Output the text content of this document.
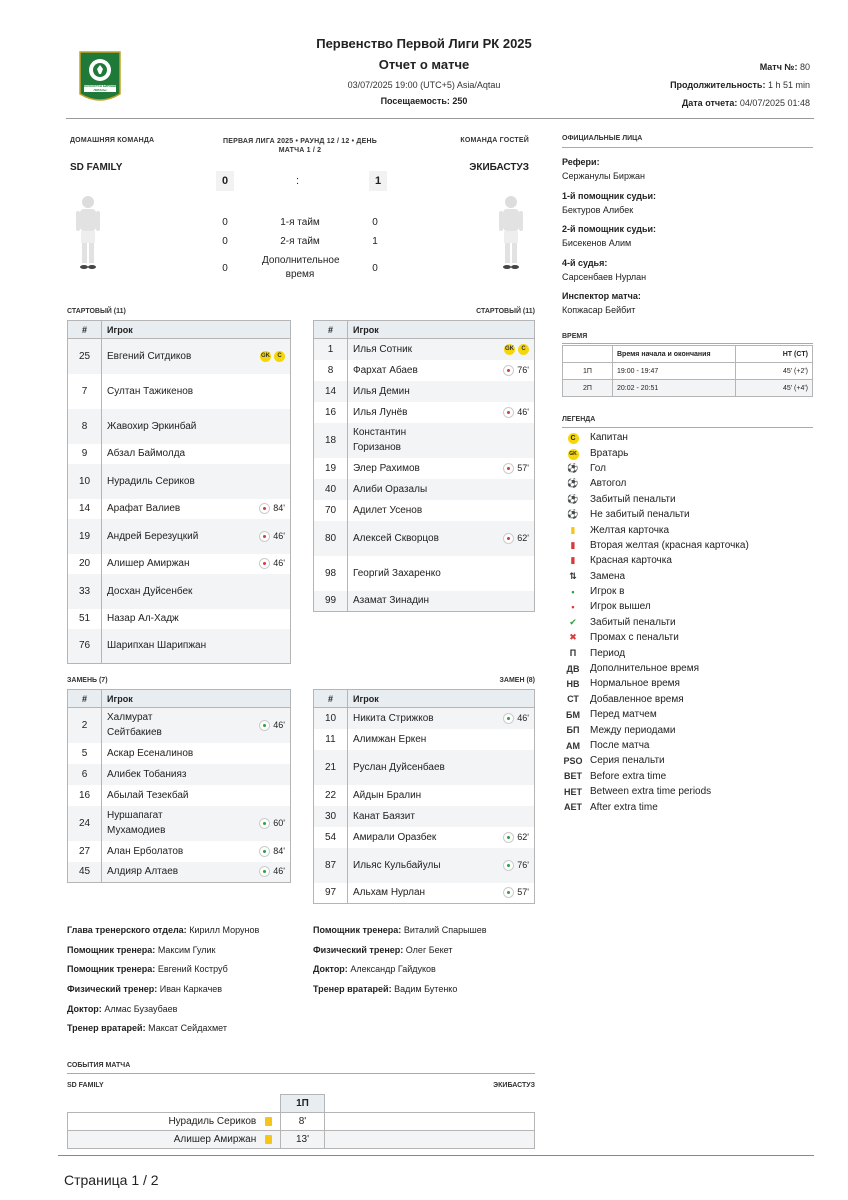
КАЗАХСТАН БИРІНШІ ЛИГАСЫ
Первенство Первой Лиги РК 2025
Отчет о матче
03/07/2025 19:00 (UTC+5) Asia/Aqtau
Посещаемость: 250
Матч №: 80
Продолжительность: 1 h 51 min
Дата отчета: 04/07/2025 01:48
ДОМАШНЯЯ КОМАНДА	ПЕРВАЯ ЛИГА 2025 • РАУНД 12 / 12 • ДЕНЬ
МАТЧА 1 / 2
КОМАНДА ГОСТЕЙ
SD FAMILY	ЭКИБАСТУЗ
0	:	1
0	1-я тайм	0
0	2-я тайм	1
0
Дополнительное время
0
ОФИЦИАЛЬНЫЕ ЛИЦА
Рефери:
Серж​анулы Биржан
1-й помощник судьи:
Бектуров Алибек
2-й помощник судьи:
Бисекенов Алим
4-й судья:
Сарсенбаев Нурлан
Инспектор матча:
Копжасар Бейбит
ВРЕМЯ
	Время начала и окончания	HT (CT)
1П	19:00 - 19:47	45' (+2')
2П	20:02 - 20:51	45' (+4')
ЛЕГЕНДА
C	Капитан
GK	Вратарь
⚽	Гол
⚽	Автогол
⚽	Забитый пенальти
⚽	Не забитый пенальти
▮	Желтая карточка
▮	Вторая желтая (красная карточка)
▮	Красная карточка
⇅	Замена
•	Игрок в
•	Игрок вышел
✔	Забитый пенальти
✖	Промах с пенальти
П	Период
ДВ	Дополнительное время
НВ	Нормальное время
СТ	Добавленное время
БМ	Перед матчем
БП	Между периодами
АМ	После матча
PSO Серия пенальти
BET Before extra time
HET Between extra time periods
AET After extra time
СТАРТОВЫЙ (11)	СТАРТОВЫЙ (11)
#	Игрок
25	Евгений Ситдиков GK C

7	Султан Тажикенов

8	Жавохир Эркинбай

9	Абзал Баймолда

10	Нурадиль Сериков

14	Арафат Валиев 84'

19	Андрей Березуцкий 46'

20	Алишер Амиржан 46'

33	Досхан Дуйсенбек

51	Назар Ал-Хадж

76	Шарипхан Шарипжан
#	Игрок
1	Илья Сотник GK C

8	Фархат Абаев 76'

14	Илья Демин

16	Илья Лунёв 46'

18	Константин Горизанов

19	Элер Рахимов 57'

40	Алиби Оразалы

70	Адилет Усенов

80	Алексей Скворцов 62'

98	Георгий Захаренко

99	Азамат Зинадин
ЗАМЕНЬ (7)	ЗАМЕН (8)
#	Игрок
2	Халмурат Сейтбакиев
46'

5	Аскар Есеналинов

6	Алибек Тобанияз

16	Абылай Тезекбай

24	Нуршапагат Мухамодиев
60'

27	Алан Ерболатов 84'

45	Алдияр Алтаев 46'
#	Игрок
10	Никита Стрижков 46'

11	Алимжан Еркен

21	Руслан Дуйсенбаев

22	Айдын Бралин

30	Канат Баязит

54	Амирали Оразбек 62'

87	Ильяс Кульбайулы 76'

97	Альхам Нурлан 57'
Глава тренерского отдела: Кирилл Морунов
Помощник тренера: Максим Гулик
Помощник тренера: Евгений Коструб
Физический тренер: Иван Каркачев
Доктор: Алмас Бузаубаев
Тренер вратарей: Максат Сейдахмет
Помощник тренера: Виталий Спарышев
Физический тренер: Олег Бекет
Доктор: Александр Гайдуков
Тренер вратарей: Вадим Бутенко
СОБЫТИЯ МАТЧА
SD FAMILY	ЭКИБАСТУЗ
	1П	
Нурадиль Сериков	8'	
Алишер Амиржан	13'	
Страница 1 / 2
